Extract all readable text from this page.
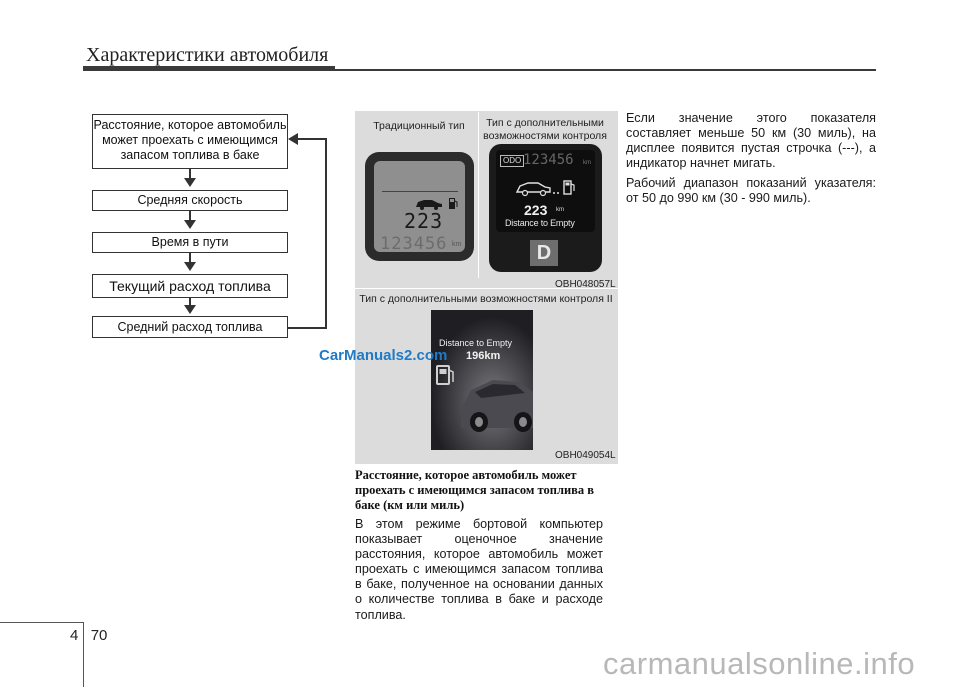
Характеристики автомобиля
Расстояние, которое автомобиль может проехать с имеющимся запасом топлива в баке
Средняя скорость
Время в пути
Текущий расход топлива
Средний расход топлива
Традиционный тип	Тип с дополнительными возможностями контроля
223
123456 km
ODO 123456 km
223 km
Distance to Empty
D
OBH048057L
Тип с дополнительными возможностями контроля II
Distance to Empty
196km
OBH049054L
CarManuals2.com
Расстояние, которое автомобиль может проехать с имеющимся запасом топлива в баке (км или миль)
В этом режиме бортовой компьютер показывает оценочное значение расстояния, которое автомобиль может проехать с имеющимся запасом топлива в баке, полученное на основании данных о количестве топлива в баке и расходе топлива.
Если значение этого показателя составляет меньше 50 км (30 миль), на дисплее появится пустая строчка (---), а индикатор начнет мигать.
Рабочий диапазон показаний указателя: от 50 до 990 км (30 - 990 миль).
4 70
carmanualsonline.info
